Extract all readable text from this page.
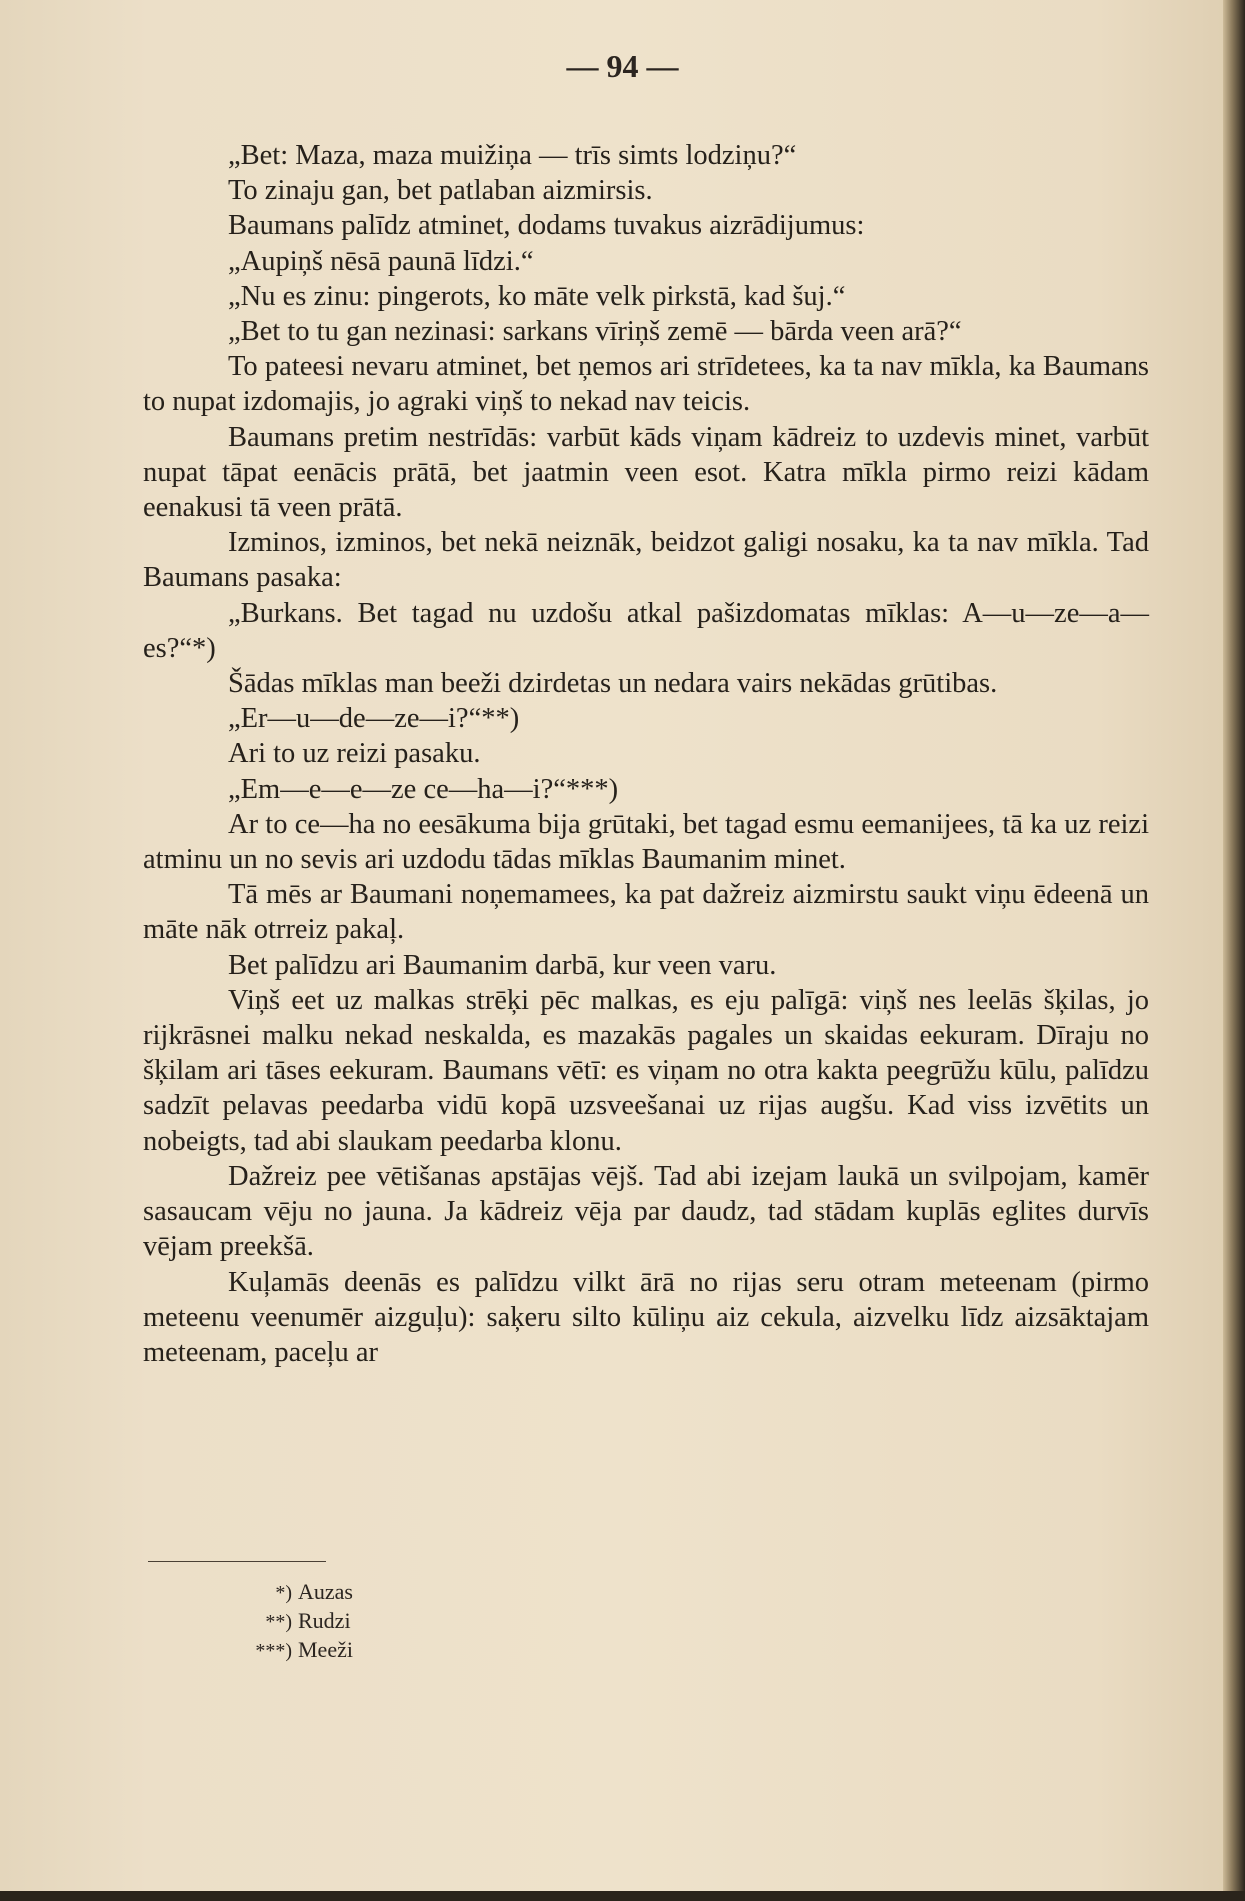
— 94 —

„Bet: Maza, maza muižiņa — trīs simts lodziņu?“

To zinaju gan, bet patlaban aizmirsis.

Baumans palīdz atminet, dodams tuvakus aizrādijumus:

„Aupiņš nēsā paunā līdzi.“

„Nu es zinu: pingerots, ko māte velk pirkstā, kad šuj.“

„Bet to tu gan nezinasi: sarkans vīriņš zemē — bārda veen arā?“

To pateesi nevaru atminet, bet ņemos ari strīdetees, ka ta nav mīkla, ka Baumans to nupat izdomajis, jo agraki viņš to nekad nav teicis.

Baumans pretim nestrīdās: varbūt kāds viņam kādreiz to uzdevis minet, varbūt nupat tāpat eenācis prātā, bet jaatmin veen esot. Katra mīkla pirmo reizi kādam eenakusi tā veen prātā.

Izminos, izminos, bet nekā neiznāk, beidzot galigi nosaku, ka ta nav mīkla. Tad Baumans pasaka:

„Burkans. Bet tagad nu uzdošu atkal pašizdomatas mīklas: A—u—ze—a—es?“*)

Šādas mīklas man beeži dzirdetas un nedara vairs nekādas grūtibas.

„Er—u—de—ze—i?“**)

Ari to uz reizi pasaku.

„Em—e—e—ze ce—ha—i?“***)

Ar to ce—ha no eesākuma bija grūtaki, bet tagad esmu eemanijees, tā ka uz reizi atminu un no sevis ari uzdodu tādas mīklas Baumanim minet.

Tā mēs ar Baumani noņemamees, ka pat dažreiz aizmirstu saukt viņu ēdeenā un māte nāk otrreiz pakaļ.

Bet palīdzu ari Baumanim darbā, kur veen varu.

Viņš eet uz malkas strēķi pēc malkas, es eju palīgā: viņš nes leelās šķilas, jo rijkrāsnei malku nekad neskalda, es mazakās pagales un skaidas eekuram. Dīraju no šķilam ari tāses eekuram. Baumans vētī: es viņam no otra kakta peegrūžu kūlu, palīdzu sadzīt pelavas peedarba vidū kopā uzsveešanai uz rijas augšu. Kad viss izvētits un nobeigts, tad abi slaukam peedarba klonu.

Dažreiz pee vētišanas apstājas vējš. Tad abi izejam laukā un svilpojam, kamēr sasaucam vēju no jauna. Ja kādreiz vēja par daudz, tad stādam kuplās eglites durvīs vējam preekšā.

Kuļamās deenās es palīdzu vilkt ārā no rijas seru otram meteenam (pirmo meteenu veenumēr aizguļu): saķeru silto kūliņu aiz cekula, aizvelku līdz aizsāktajam meteenam, paceļu ar

*) Auzas
**) Rudzi
***) Meeži
